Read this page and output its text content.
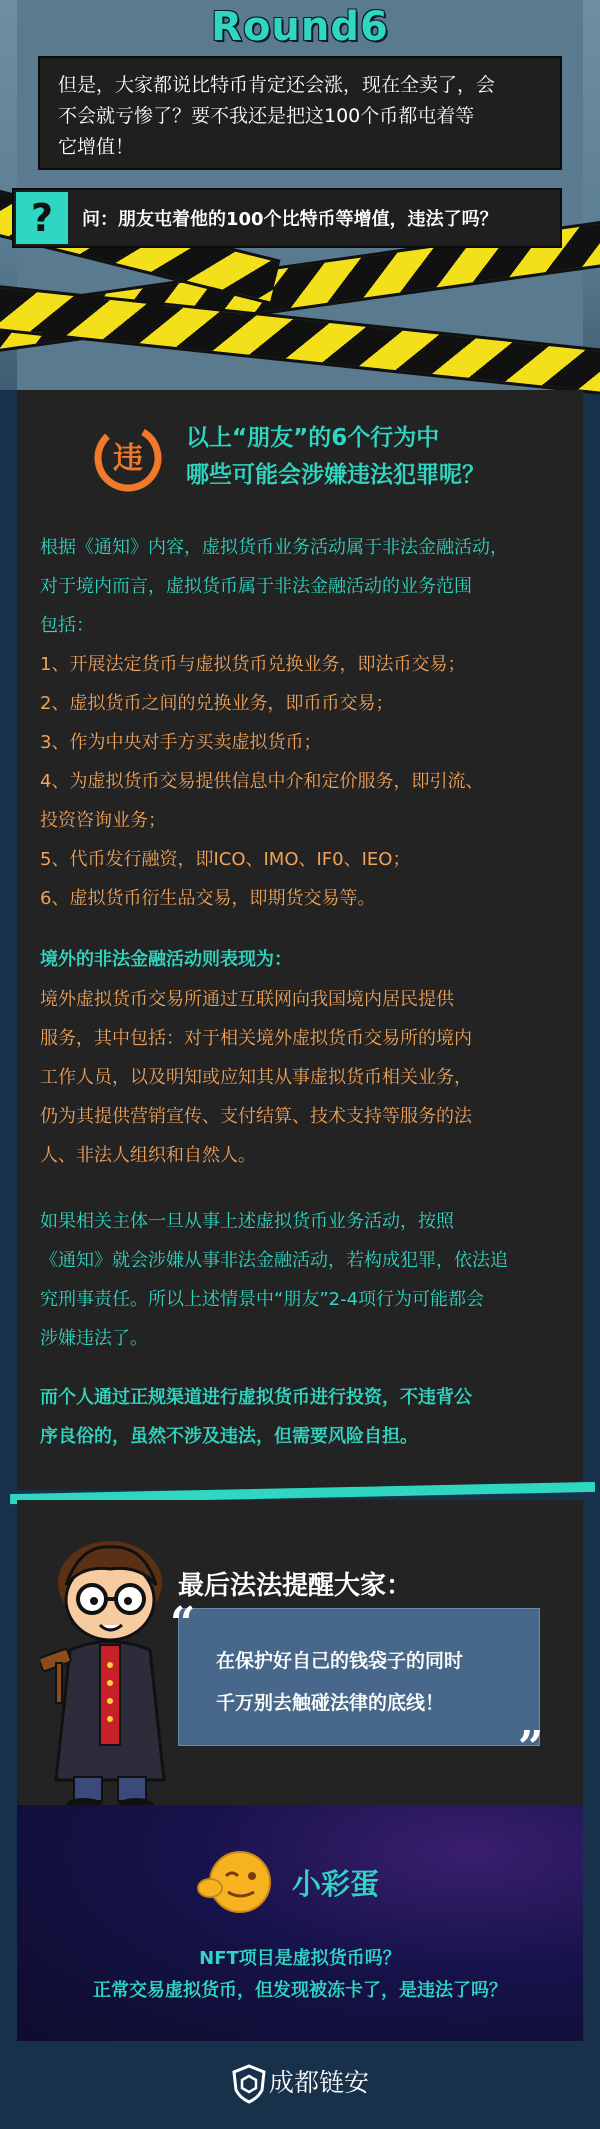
Round6
但是，大家都说比特币肯定还会涨，现在全卖了，会
不会就亏惨了？要不我还是把这100个币都屯着等
它增值！
?	问：朋友屯着他的100个比特币等增值，违法了吗？
违
以上“朋友”的6个行为中
哪些可能会涉嫌违法犯罪呢？
根据《通知》内容，虚拟货币业务活动属于非法金融活动，
对于境内而言，虚拟货币属于非法金融活动的业务范围
包括：
1、开展法定货币与虚拟货币兑换业务，即法币交易；
2、虚拟货币之间的兑换业务，即币币交易；
3、作为中央对手方买卖虚拟货币；
4、为虚拟货币交易提供信息中介和定价服务，即引流、
投资咨询业务；
5、代币发行融资，即ICO、IMO、IF0、IEO；
6、虚拟货币衍生品交易，即期货交易等。
境外的非法金融活动则表现为：
境外虚拟货币交易所通过互联网向我国境内居民提供
服务，其中包括：对于相关境外虚拟货币交易所的境内
工作人员，以及明知或应知其从事虚拟货币相关业务，
仍为其提供营销宣传、支付结算、技术支持等服务的法
人、非法人组织和自然人。
如果相关主体一旦从事上述虚拟货币业务活动，按照
《通知》就会涉嫌从事非法金融活动，若构成犯罪，依法追
究刑事责任。所以上述情景中“朋友”2-4项行为可能都会
涉嫌违法了。
而个人通过正规渠道进行虚拟货币进行投资，不违背公
序良俗的，虽然不涉及违法，但需要风险自担。
最后法法提醒大家：
“
”
在保护好自己的钱袋子的同时
千万别去触碰法律的底线！
小彩蛋
NFT项目是虚拟货币吗？
正常交易虚拟货币，但发现被冻卡了，是违法了吗？
成都链安
